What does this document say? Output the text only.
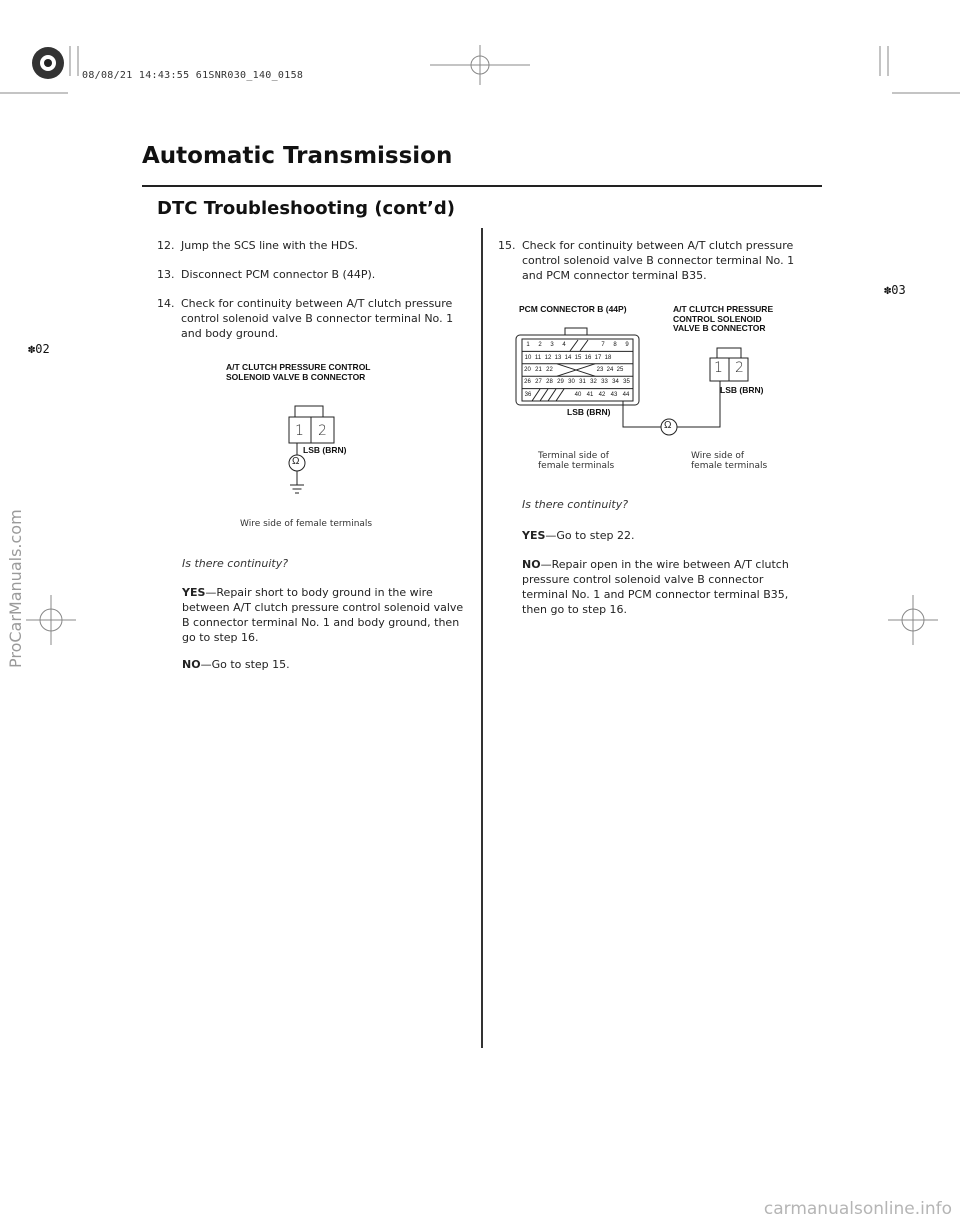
08/08/21 14:43:55 61SNR030_140_0158
Automatic Transmission
DTC Troubleshooting (cont’d)
✽02
✽03
12. Jump the SCS line with the HDS.
13. Disconnect PCM connector B (44P).
14. Check for continuity between A/T clutch pressure
control solenoid valve B connector terminal No. 1
and body ground.
A/T CLUTCH PRESSURE CONTROL
SOLENOID VALVE B CONNECTOR
1 2
Ω
LSB (BRN)
Wire side of female terminals
Is there continuity?
YES—Repair short to body ground in the wire
between A/T clutch pressure control solenoid valve
B connector terminal No. 1 and body ground, then
go to step 16.
NO—Go to step 15.
15. Check for continuity between A/T clutch pressure
control solenoid valve B connector terminal No. 1
and PCM connector terminal B35.
PCM CONNECTOR B (44P)	A/T CLUTCH PRESSURE
CONTROL SOLENOID
VALVE B CONNECTOR
1	2	3	4	7	8	9
10 11 12 13 14 15 16 17 18
20 21 22	23 24 25
26 27 28 29 30 31 32 33 34 35
36	40 41 42 43 44
1 2
LSB (BRN)
LSB (BRN)
Ω
Terminal side of
female terminals
Wire side of
female terminals
Is there continuity?
YES—Go to step 22.
NO—Repair open in the wire between A/T clutch
pressure control solenoid valve B connector
terminal No. 1 and PCM connector terminal B35,
then go to step 16.
ProCarManuals.com
carmanualsonline.info
